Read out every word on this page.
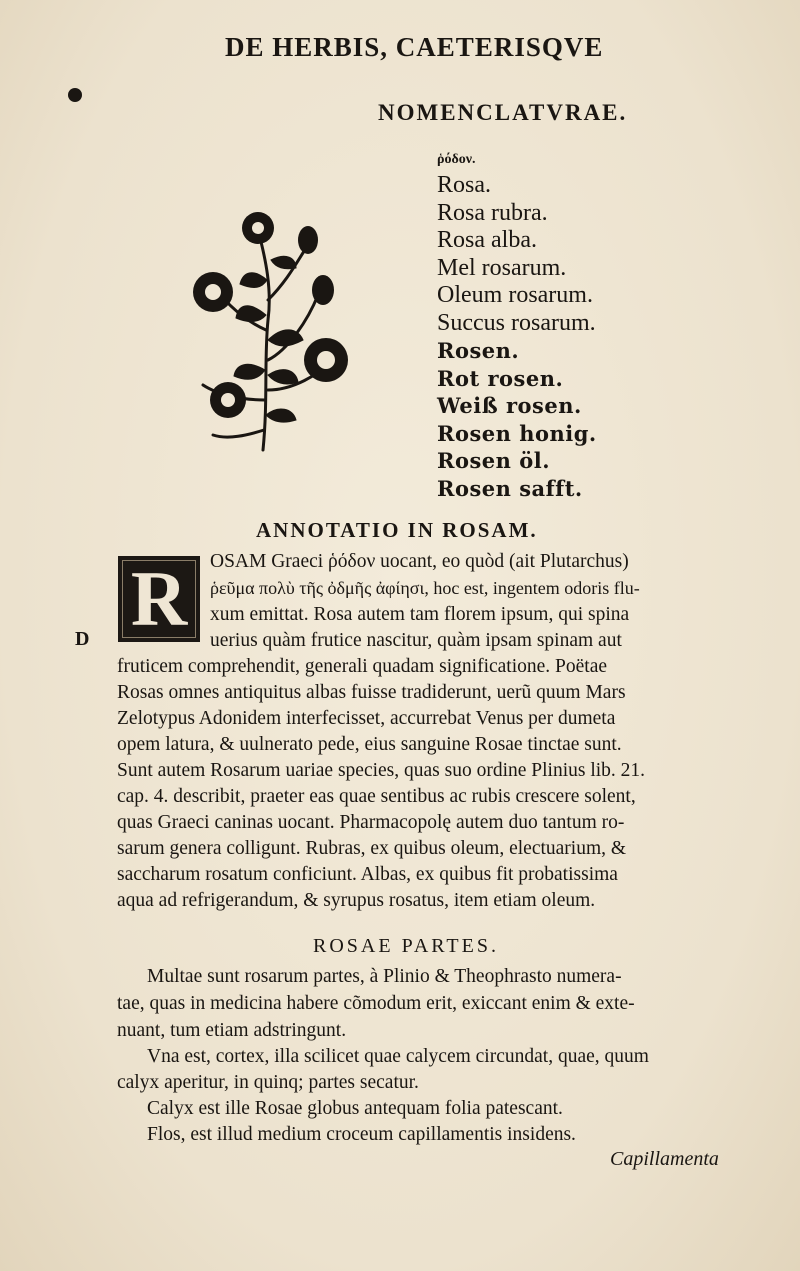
DE HERBIS, CAETERISQVE
NOMENCLATVRAE.
ῥόδον.
Rosa.
Rosa rubra.
Rosa alba.
Mel rosarum.
Oleum rosarum.
Succus rosarum.
Rosen.
Rot rosen.
Weiß rosen.
Rosen honig.
Rosen öl.
Rosen safft.
ANNOTATIO IN ROSAM.
R
D
OSAM Graeci ῥόδον uocant, eo quòd (ait Plutarchus)
ῥεῦμα πολὺ τῆς ὀδμῆς ἀφίησι, hoc est, ingentem odoris flu-
xum emittat. Rosa autem tam florem ipsum, qui spina
uerius quàm frutice nascitur, quàm ipsam spinam aut
fruticem comprehendit, generali quadam significatione. Poëtae
Rosas omnes antiquitus albas fuisse tradiderunt, uerũ quum Mars
Zelotypus Adonidem interfecisset, accurrebat Venus per dumeta
opem latura, & uulnerato pede, eius sanguine Rosae tinctae sunt.
Sunt autem Rosarum uariae species, quas suo ordine Plinius lib. 21.
cap. 4. describit, praeter eas quae sentibus ac rubis crescere solent,
quas Graeci caninas uocant. Pharmacopolę autem duo tantum ro-
sarum genera colligunt. Rubras, ex quibus oleum, electuarium, &
saccharum rosatum conficiunt. Albas, ex quibus fit probatissima
aqua ad refrigerandum, & syrupus rosatus, item etiam oleum.
ROSAE PARTES.
Multae sunt rosarum partes, à Plinio & Theophrasto numera-
tae, quas in medicina habere cõmodum erit, exiccant enim & exte-
nuant, tum etiam adstringunt.
Vna est, cortex, illa scilicet quae calycem circundat, quae, quum
calyx aperitur, in quinq; partes secatur.
Calyx est ille Rosae globus antequam folia patescant.
Flos, est illud medium croceum capillamentis insidens.
Capillamenta
